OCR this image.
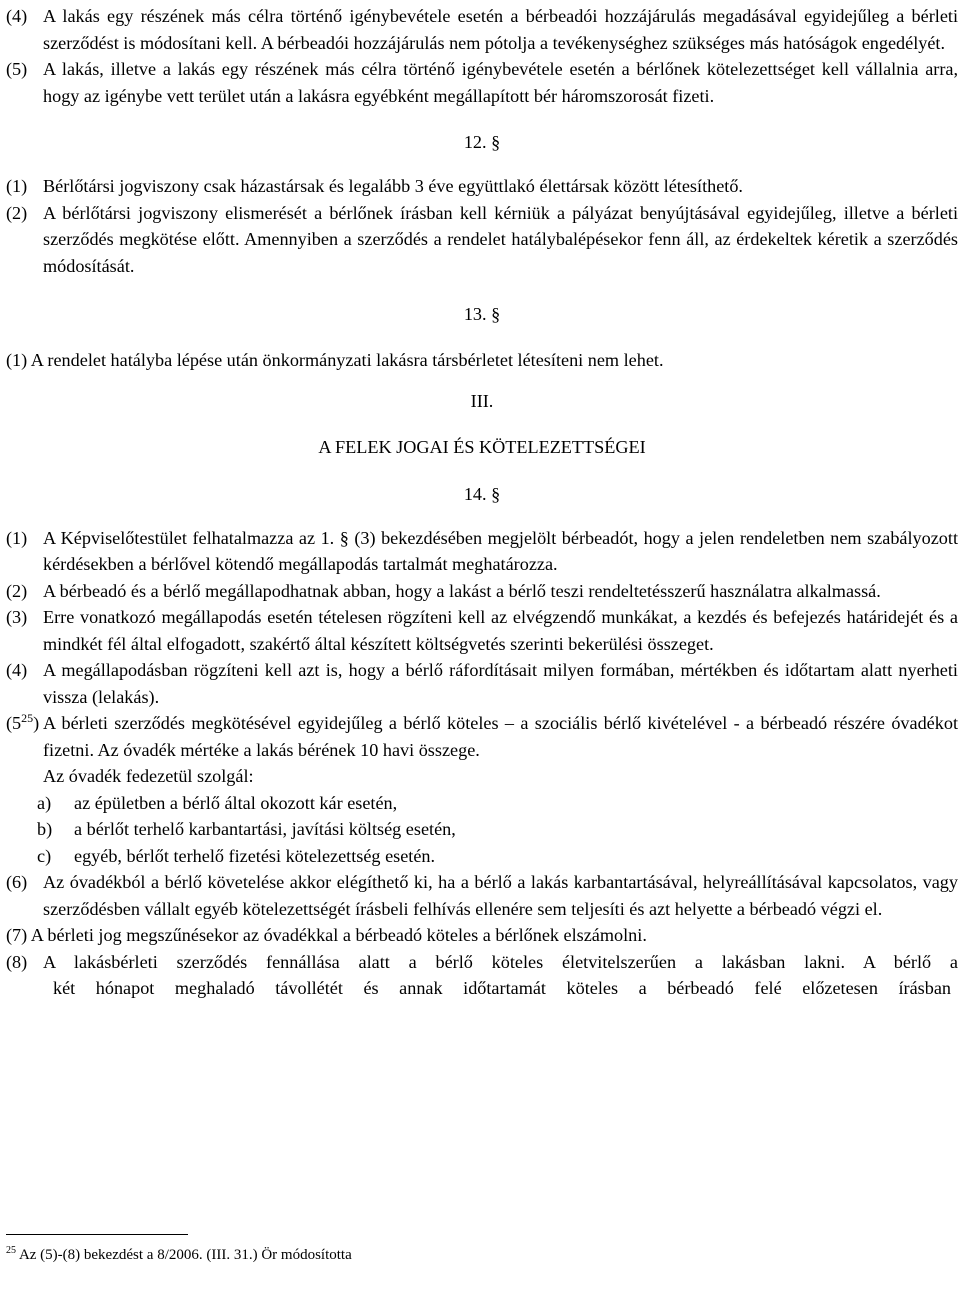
(4) A lakás egy részének más célra történő igénybevétele esetén a bérbeadói hozzájárulás megadásával egyidejűleg a bérleti szerződést is módosítani kell. A bérbeadói hozzájárulás nem pótolja a tevékenységhez szükséges más hatóságok engedélyét.
(5) A lakás, illetve a lakás egy részének más célra történő igénybevétele esetén a bérlőnek kötelezettséget kell vállalnia arra, hogy az igénybe vett terület után a lakásra egyébként megállapított bér háromszorosát fizeti.
12. §
(1) Bérlőtársi jogviszony csak házastársak és legalább 3 éve együttlakó élettársak között létesíthető.
(2) A bérlőtársi jogviszony elismerését a bérlőnek írásban kell kérniük a pályázat benyújtásával egyidejűleg, illetve a bérleti szerződés megkötése előtt. Amennyiben a szerződés a rendelet hatálybalépésekor fenn áll, az érdekeltek kéretik a szerződés módosítását.
13. §
(1) A rendelet hatályba lépése után önkormányzati lakásra társbérletet létesíteni nem lehet.
III.
A FELEK JOGAI ÉS KÖTELEZETTSÉGEI
14. §
(1) A Képviselőtestület felhatalmazza az 1. § (3) bekezdésében megjelölt bérbeadót, hogy a jelen rendeletben nem szabályozott kérdésekben a bérlővel kötendő megállapodás tartalmát meghatározza.
(2) A bérbeadó és a bérlő megállapodhatnak abban, hogy a lakást a bérlő teszi rendeltetésszerű használatra alkalmassá.
(3) Erre vonatkozó megállapodás esetén tételesen rögzíteni kell az elvégzendő munkákat, a kezdés és befejezés határidejét és a mindkét fél által elfogadott, szakértő által készített költségvetés szerinti bekerülési összeget.
(4) A megállapodásban rögzíteni kell azt is, hogy a bérlő ráfordításait milyen formában, mértékben és időtartam alatt nyerheti vissza (lelakás).
$(5^{25})$ A bérleti szerződés megkötésével egyidejűleg a bérlő köteles – a szociális bérlő kivételével - a bérbeadó részére óvadékot fizetni. Az óvadék mértéke a lakás bérének 10 havi összege.
Az óvadék fedezetül szolgál:
a) az épületben a bérlő által okozott kár esetén,
b) a bérlőt terhelő karbantartási, javítási költség esetén,
c) egyéb, bérlőt terhelő fizetési kötelezettség esetén.
(6) Az óvadékból a bérlő követelése akkor elégíthető ki, ha a bérlő a lakás karbantartásával, helyreállításával kapcsolatos, vagy szerződésben vállalt egyéb kötelezettségét írásbeli felhívás ellenére sem teljesíti és azt helyette a bérbeadó végzi el.
(7) A bérleti jog megszűnésekor az óvadékkal a bérbeadó köteles a bérlőnek elszámolni.
(8) A lakásbérleti szerződés fennállása alatt a bérlő köteles életvitelszerűen a lakásban lakni. A bérlő a
két hónapot meghaladó távollétét és annak időtartamát köteles a bérbeadó felé előzetesen írásban
$^{25}$ Az (5)-(8) bekezdést a 8/2006. (III. 31.) Ör módosította
